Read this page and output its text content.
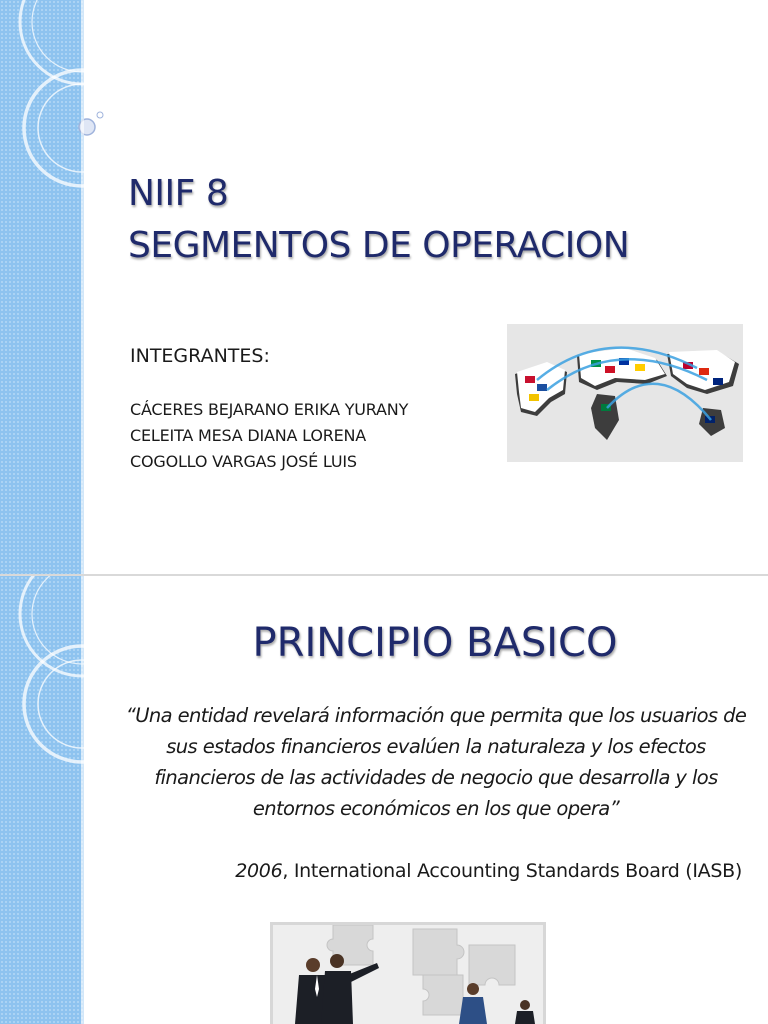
NIIF 8
SEGMENTOS DE OPERACION
INTEGRANTES:
CÁCERES BEJARANO ERIKA YURANY
CELEITA MESA DIANA LORENA
COGOLLO VARGAS JOSÉ LUIS
PRINCIPIO BASICO
“Una entidad revelará información que permita que los usuarios de sus estados financieros evalúen la naturaleza y los efectos financieros de las actividades de negocio que desarrolla y los entornos económicos en los que opera”
2006, International Accounting Standards Board (IASB)
